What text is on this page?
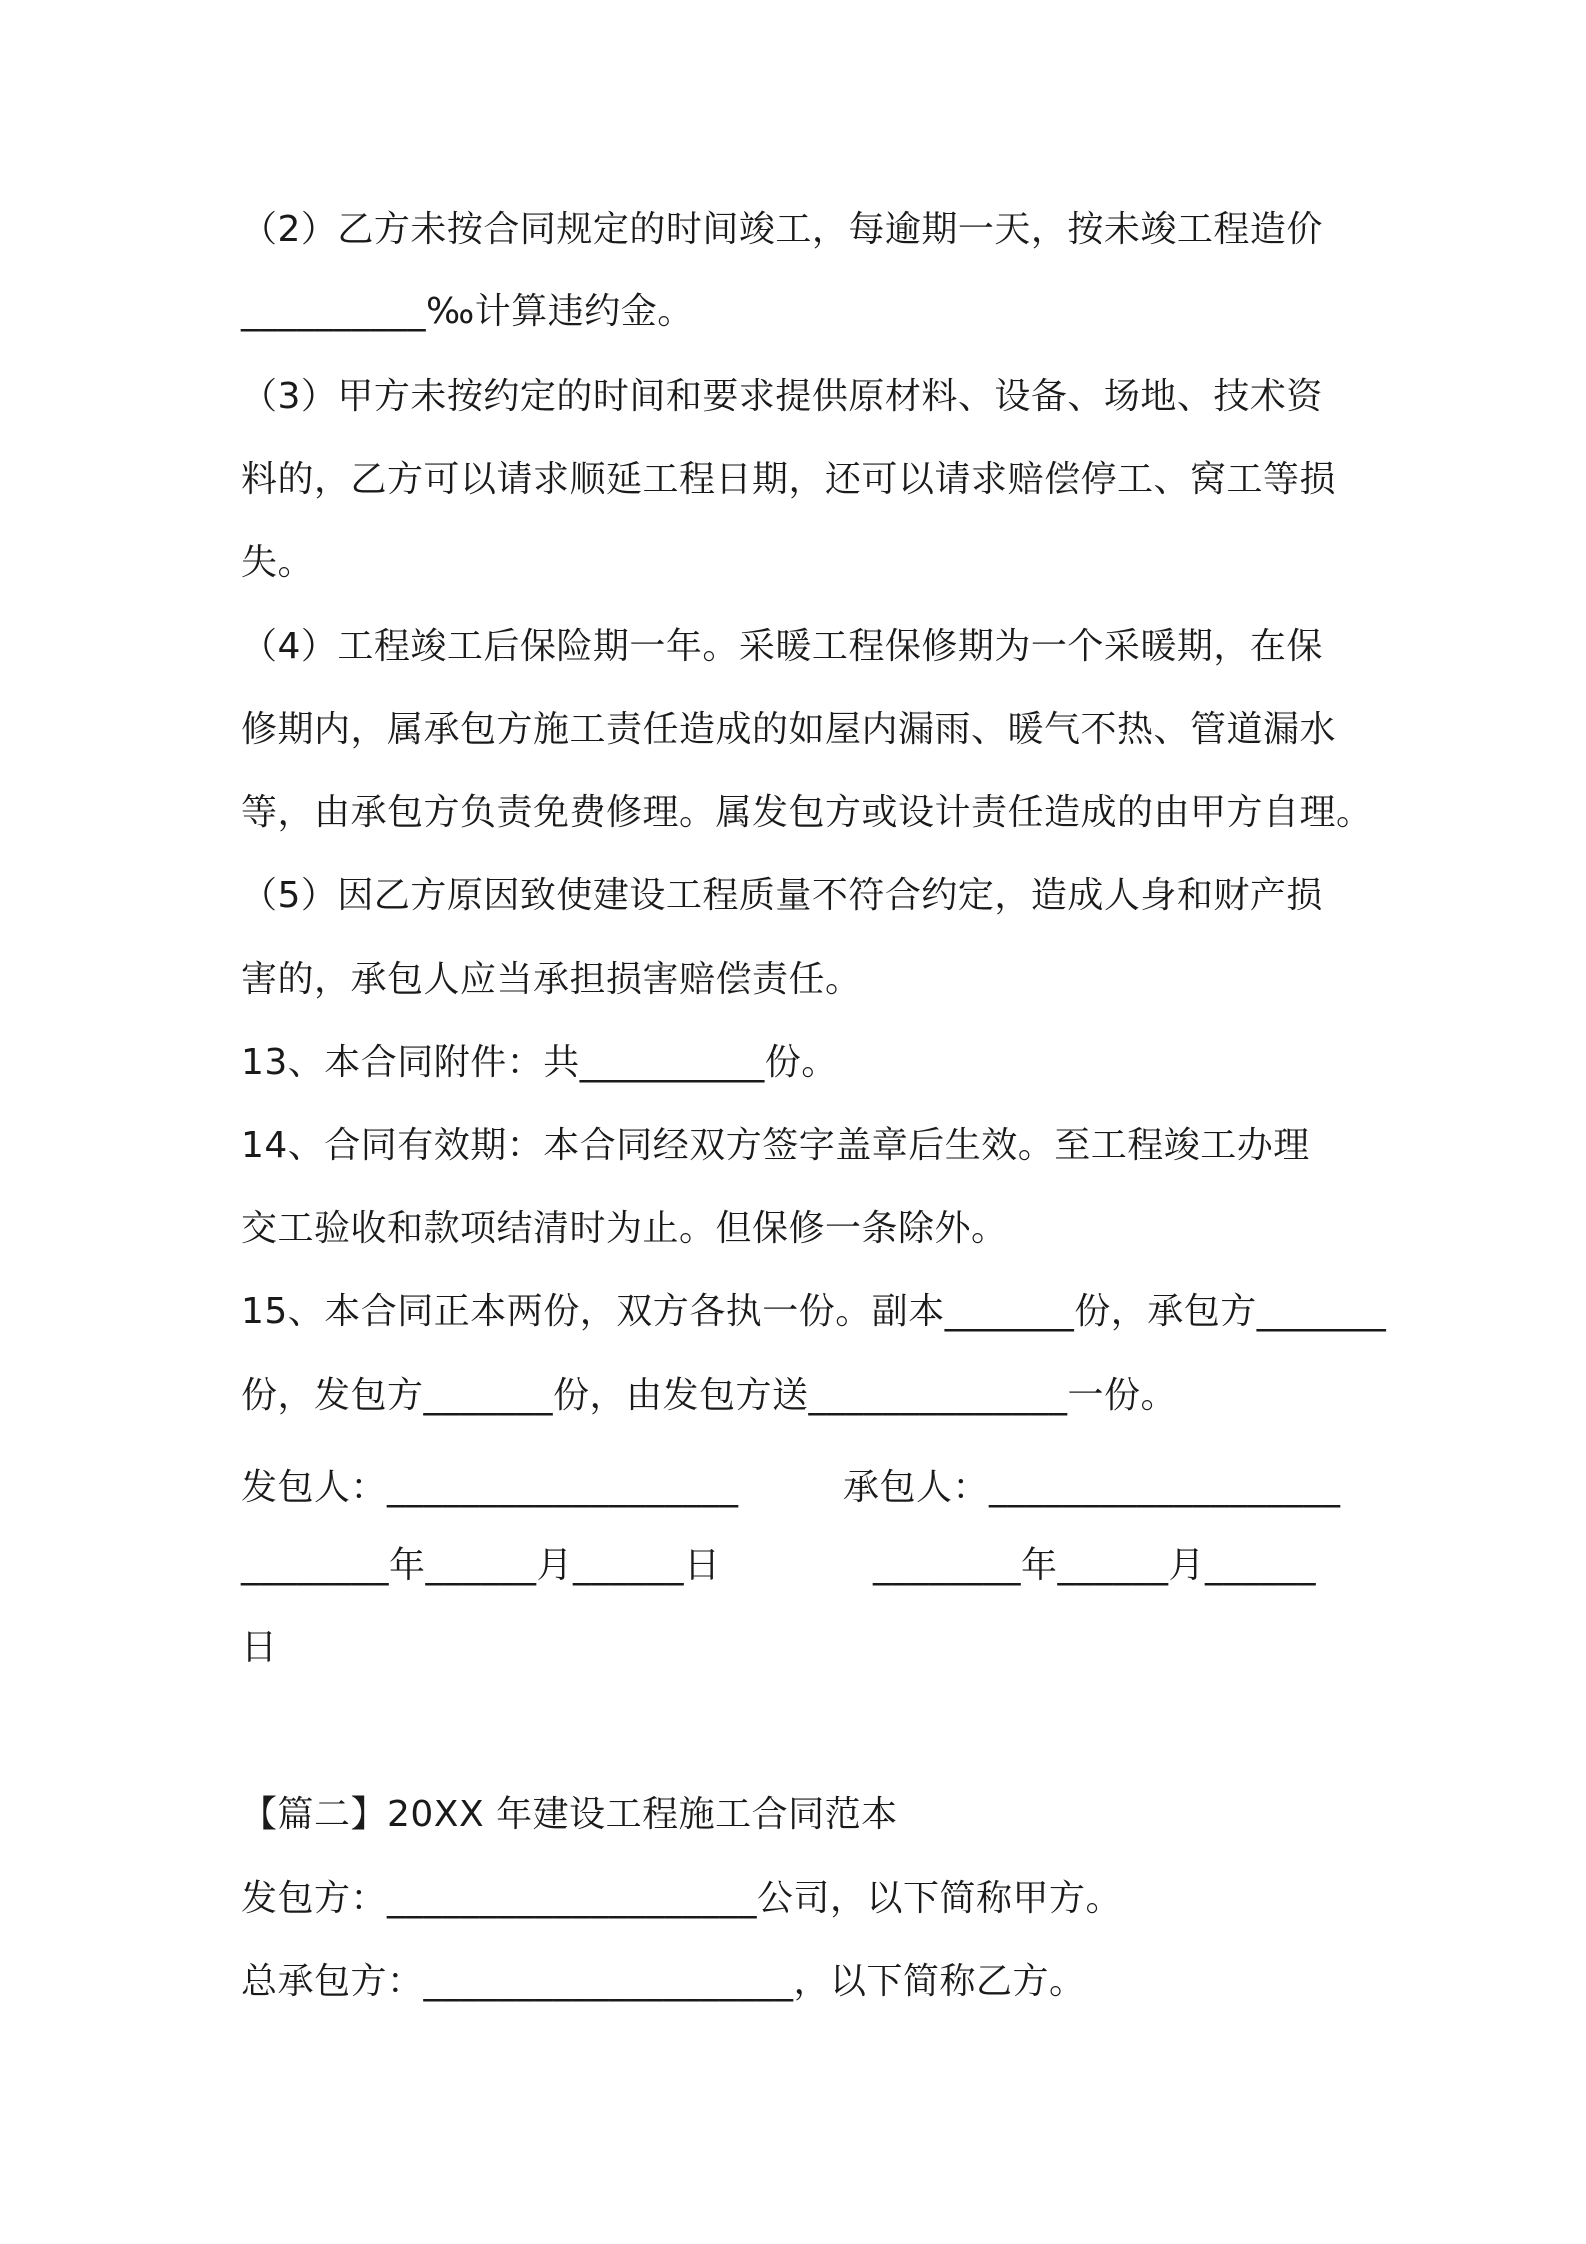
（2）乙方未按合同规定的时间竣工，每逾期一天，按未竣工程造价
__________‰计算违约金。
（3）甲方未按约定的时间和要求提供原材料、设备、场地、技术资
料的，乙方可以请求顺延工程日期，还可以请求赔偿停工、窝工等损
失。
（4）工程竣工后保险期一年。采暖工程保修期为一个采暖期，在保
修期内，属承包方施工责任造成的如屋内漏雨、暖气不热、管道漏水
等，由承包方负责免费修理。属发包方或设计责任造成的由甲方自理。
（5）因乙方原因致使建设工程质量不符合约定，造成人身和财产损
害的，承包人应当承担损害赔偿责任。
13、本合同附件：共__________份。
14、合同有效期：本合同经双方签字盖章后生效。至工程竣工办理
交工验收和款项结清时为止。但保修一条除外。
15、本合同正本两份，双方各执一份。副本_______份，承包方_______
份，发包方_______份，由发包方送______________一份。
发包人：___________________	承包人：___________________
________年______月______日	________年______月______
日
【篇二】20XX 年建设工程施工合同范本
发包方：____________________公司，以下简称甲方。
总承包方：____________________，以下简称乙方。
